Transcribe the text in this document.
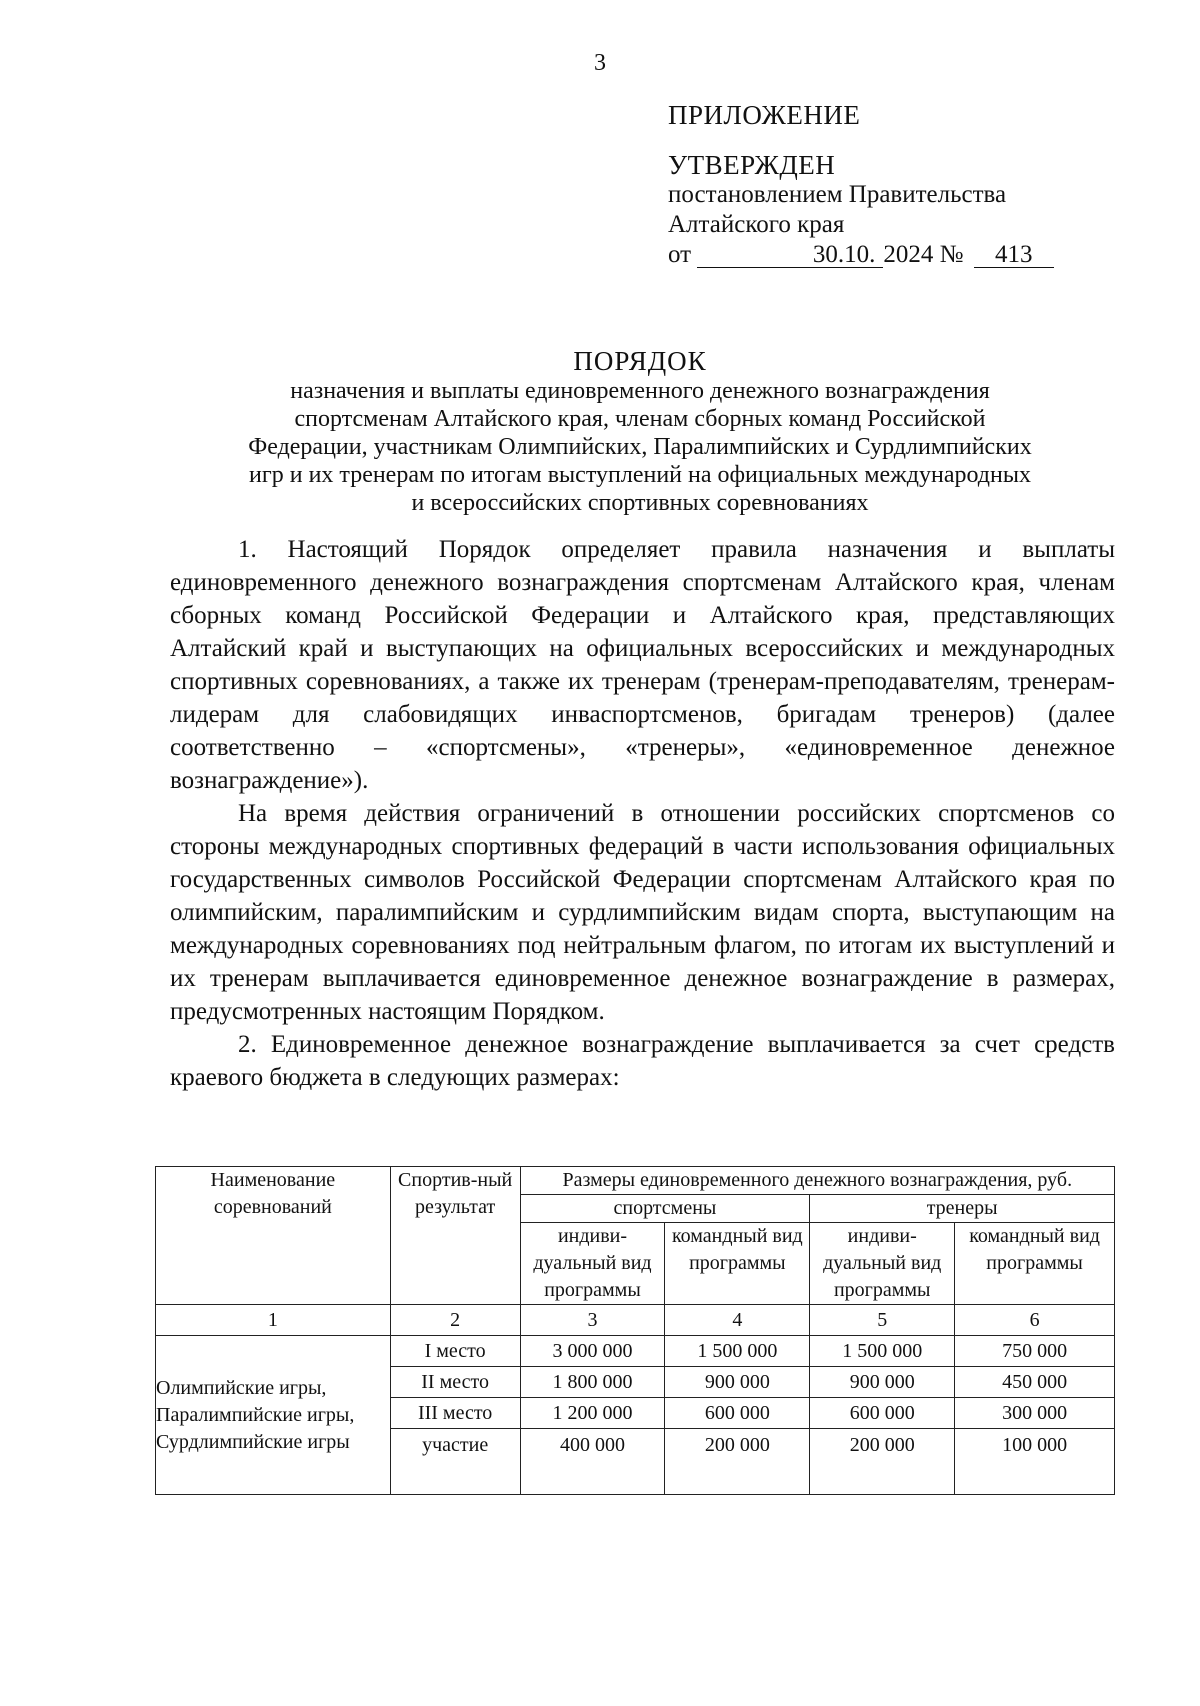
3
ПРИЛОЖЕНИЕ
УТВЕРЖДЕН
постановлением Правительства
Алтайского края
от	30.10. 2024 № 413
ПОРЯДОК
назначения и выплаты единовременного денежного вознаграждения
спортсменам Алтайского края, членам сборных команд Российской
Федерации, участникам Олимпийских, Паралимпийских и Сурдлимпийских
игр и их тренерам по итогам выступлений на официальных международных
и всероссийских спортивных соревнованиях

1. Настоящий Порядок определяет правила назначения и выплаты единовременного денежного вознаграждения спортсменам Алтайского края, членам сборных команд Российской Федерации и Алтайского края, представляющих Алтайский край и выступающих на официальных всероссийских и международных спортивных соревнованиях, а также их тренерам (тренерам-преподавателям, тренерам-лидерам для слабовидящих инваспортсменов, бригадам тренеров) (далее соответственно – «спортсмены», «тренеры», «единовременное денежное вознаграждение»).

На время действия ограничений в отношении российских спортсменов со стороны международных спортивных федераций в части использования официальных государственных символов Российской Федерации спортсменам Алтайского края по олимпийским, паралимпийским и сурдлимпийским видам спорта, выступающим на международных соревнованиях под нейтральным флагом, по итогам их выступлений и их тренерам выплачивается единовременное денежное вознаграждение в размерах, предусмотренных настоящим Порядком.

2. Единовременное денежное вознаграждение выплачивается за счет средств краевого бюджета в следующих размерах:

Наименование соревнований	Спортив-ный результат	Размеры единовременного денежного вознаграждения, руб.			
		спортсмены		тренеры	
		индиви-дуальный вид программы	командный вид программы	индиви-дуальный вид программы	командный вид программы
1	2	3	4	5	6
Олимпийские игры, Паралимпийские игры, Сурдлимпийские игры	I место	3 000 000	1 500 000	1 500 000	750 000
	II место	1 800 000	900 000	900 000	450 000
	III место	1 200 000	600 000	600 000	300 000
	участие	400 000	200 000	200 000	100 000
